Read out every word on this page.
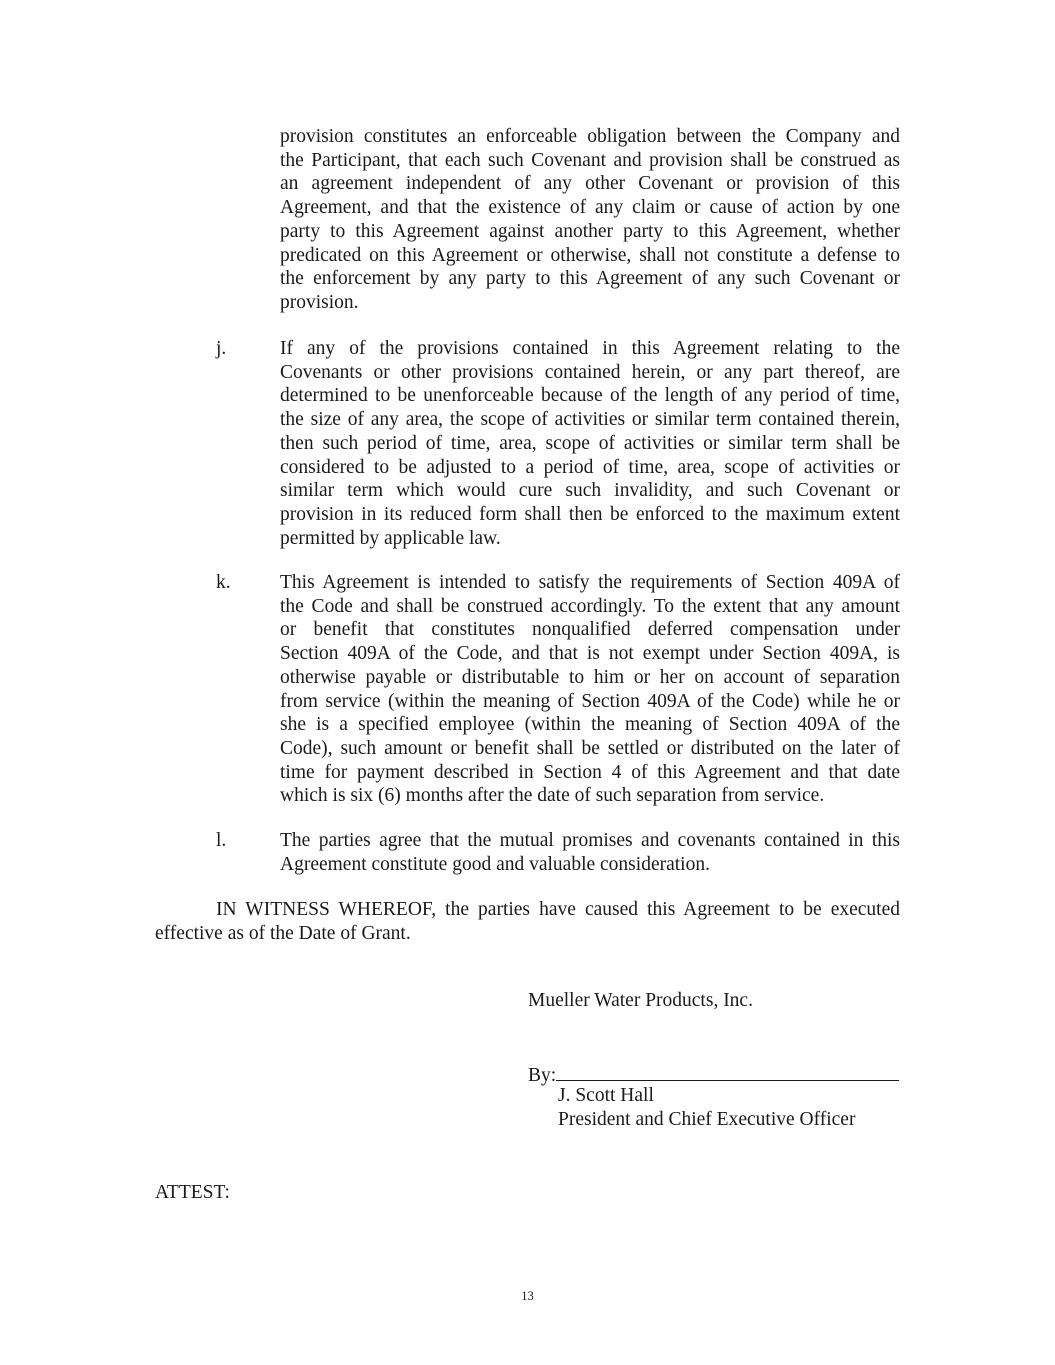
provision constitutes an enforceable obligation between the Company and
the Participant, that each such Covenant and provision shall be construed as
an agreement independent of any other Covenant or provision of this
Agreement, and that the existence of any claim or cause of action by one
party to this Agreement against another party to this Agreement, whether
predicated on this Agreement or otherwise, shall not constitute a defense to
the enforcement by any party to this Agreement of any such Covenant or
provision.
j.	If any of the provisions contained in this Agreement relating to the
Covenants or other provisions contained herein, or any part thereof, are
determined to be unenforceable because of the length of any period of time,
the size of any area, the scope of activities or similar term contained therein,
then such period of time, area, scope of activities or similar term shall be
considered to be adjusted to a period of time, area, scope of activities or
similar term which would cure such invalidity, and such Covenant or
provision in its reduced form shall then be enforced to the maximum extent
permitted by applicable law.
k.	This Agreement is intended to satisfy the requirements of Section 409A of
the Code and shall be construed accordingly. To the extent that any amount
or benefit that constitutes nonqualified deferred compensation under
Section 409A of the Code, and that is not exempt under Section 409A, is
otherwise payable or distributable to him or her on account of separation
from service (within the meaning of Section 409A of the Code) while he or
she is a specified employee (within the meaning of Section 409A of the
Code), such amount or benefit shall be settled or distributed on the later of
time for payment described in Section 4 of this Agreement and that date
which is six (6) months after the date of such separation from service.
l.	The parties agree that the mutual promises and covenants contained in this
Agreement constitute good and valuable consideration.
IN WITNESS WHEREOF, the parties have caused this Agreement to be executed
effective as of the Date of Grant.
Mueller Water Products, Inc.
By:
J. Scott Hall
President and Chief Executive Officer
ATTEST:
13
